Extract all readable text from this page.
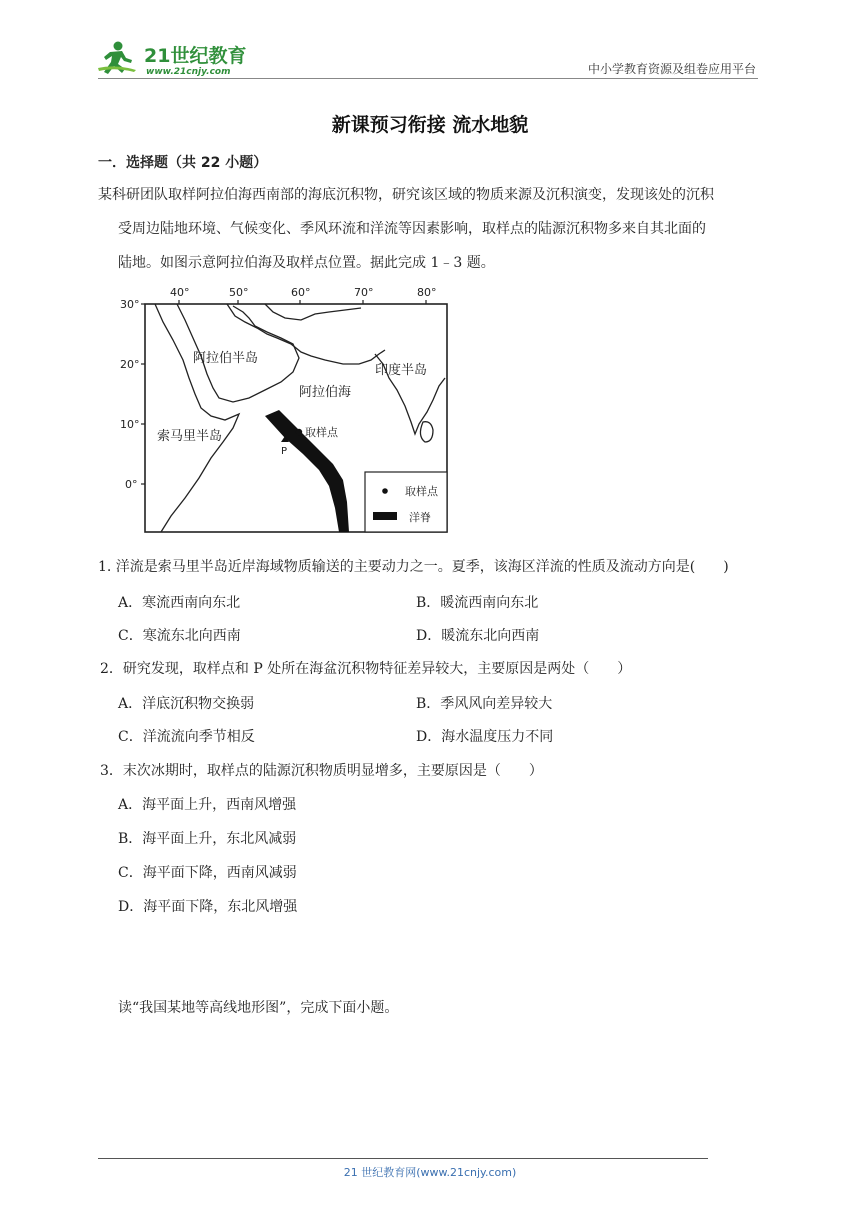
21世纪教育
www.21cnjy.com	中小学教育资源及组卷应用平台
新课预习衔接 流水地貌
一．选择题（共 22 小题）
某科研团队取样阿拉伯海西南部的海底沉积物，研究该区域的物质来源及沉积演变，发现该处的沉积
受周边陆地环境、气候变化、季风环流和洋流等因素影响，取样点的陆源沉积物多来自其北面的
陆地。如图示意阿拉伯海及取样点位置。据此完成 1﹣3 题。
40°	50°	60°	70°	80°
30°
20°
10°
0°
取样点
P
阿拉伯半岛
印度半岛
阿拉伯海
索马里半岛
取样点
洋脊
1. 洋流是索马里半岛近岸海域物质输送的主要动力之一。夏季，该海区洋流的性质及流动方向是(　　)
A．寒流西南向东北	B．暖流西南向东北
C．寒流东北向西南	D．暖流东北向西南
2．研究发现，取样点和 P 处所在海盆沉积物特征差异较大，主要原因是两处（　　）
A．洋底沉积物交换弱	B．季风风向差异较大
C．洋流流向季节相反	D．海水温度压力不同
3．末次冰期时，取样点的陆源沉积物质明显增多，主要原因是（　　）
A．海平面上升，西南风增强
B．海平面上升，东北风减弱
C．海平面下降，西南风减弱
D．海平面下降，东北风增强
读“我国某地等高线地形图”，完成下面小题。
21 世纪教育网(www.21cnjy.com)
